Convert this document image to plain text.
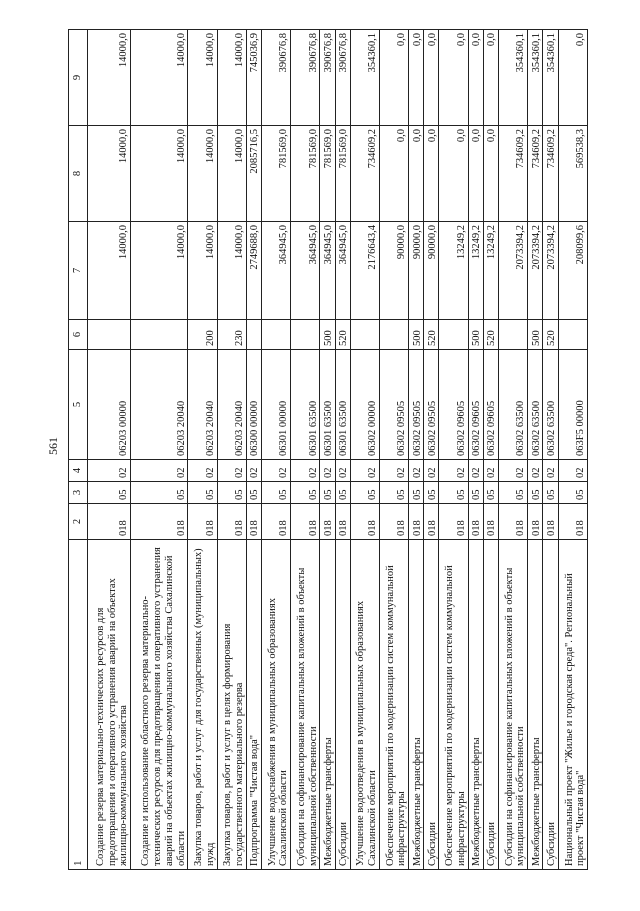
561
1	2	3	4	5	6	7	8	9
Создание резерва материально-технических ресурсов для предотвращения и оперативного устранения аварий на объектах жилищно-коммунального хозяйства	018	05	02	06203 00000		14000,0	14000,0	14000,0
Создание и использование областного резерва материально-технических ресурсов для предотвращения и оперативного устранения аварий на объектах жилищно-коммунального хозяйства Сахалинской области	018	05	02	06203 20040		14000,0	14000,0	14000,0
Закупка товаров, работ и услуг для государственных (муниципальных) нужд	018	05	02	06203 20040	200	14000,0	14000,0	14000,0
Закупка товаров, работ и услуг в целях формирования государственного материального резерва	018	05	02	06203 20040	230	14000,0	14000,0	14000,0
Подпрограмма "Чистая вода"	018	05	02	06300 00000		2749688,0	2085716,5	745036,9
Улучшение водоснабжения в муниципальных образованиях Сахалинской области	018	05	02	06301 00000		364945,0	781569,0	390676,8
Субсидии на софинансирование капитальных вложений в объекты муниципальной собственности	018	05	02	06301 63500		364945,0	781569,0	390676,8
Межбюджетные трансферты	018	05	02	06301 63500	500	364945,0	781569,0	390676,8
Субсидии	018	05	02	06301 63500	520	364945,0	781569,0	390676,8
Улучшение водоотведения в муниципальных образованиях Сахалинской области	018	05	02	06302 00000		2176643,4	734609,2	354360,1
Обеспечение мероприятий по модернизации систем коммунальной инфраструктуры	018	05	02	06302 09505		90000,0	0,0	0,0
Межбюджетные трансферты	018	05	02	06302 09505	500	90000,0	0,0	0,0
Субсидии	018	05	02	06302 09505	520	90000,0	0,0	0,0
Обеспечение мероприятий по модернизации систем коммунальной инфраструктуры	018	05	02	06302 09605		13249,2	0,0	0,0
Межбюджетные трансферты	018	05	02	06302 09605	500	13249,2	0,0	0,0
Субсидии	018	05	02	06302 09605	520	13249,2	0,0	0,0
Субсидии на софинансирование капитальных вложений в объекты муниципальной собственности	018	05	02	06302 63500		2073394,2	734609,2	354360,1
Межбюджетные трансферты	018	05	02	06302 63500	500	2073394,2	734609,2	354360,1
Субсидии	018	05	02	06302 63500	520	2073394,2	734609,2	354360,1
Национальный проект "Жилье и городская среда". Региональный проект "Чистая вода"	018	05	02	063F5 00000		208099,6	569538,3	0,0
